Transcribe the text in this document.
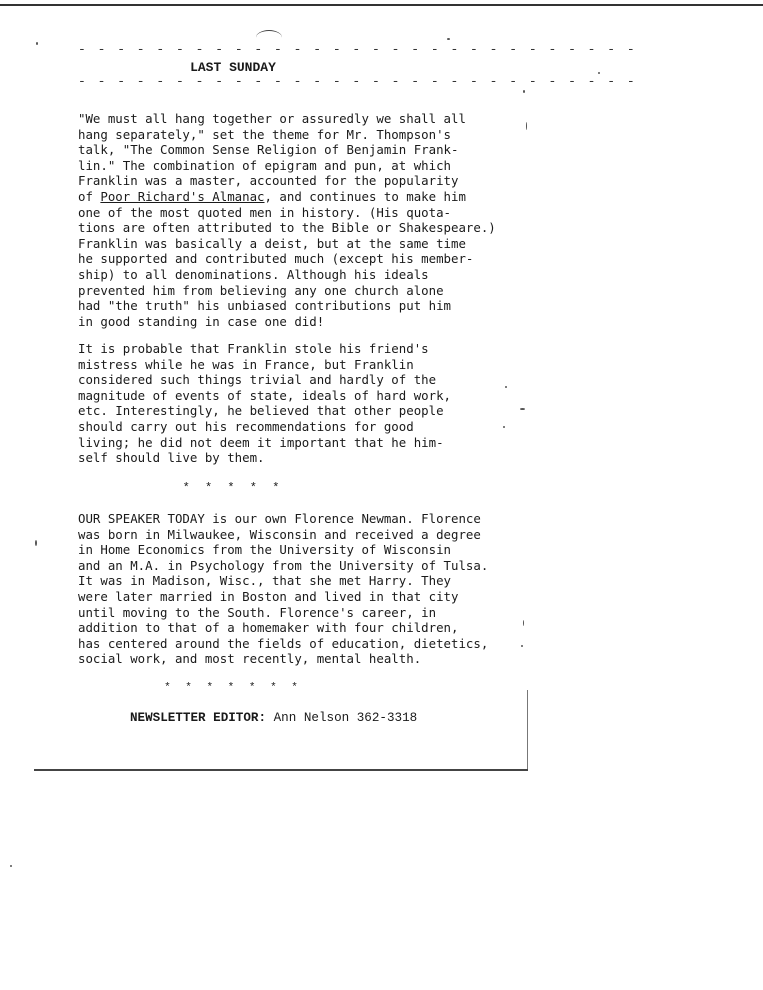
- - - - - - - - - - - - - - - - - - - - - - - - - - - - -
LAST SUNDAY
- - - - - - - - - - - - - - - - - - - - - - - - - - - - -
"We must all hang together or assuredly we shall all
hang separately," set the theme for Mr. Thompson's
talk, "The Common Sense Religion of Benjamin Frank-
lin." The combination of epigram and pun, at which
Franklin was a master, accounted for the popularity
of Poor Richard's Almanac, and continues to make him
one of the most quoted men in history. (His quota-
tions are often attributed to the Bible or Shakespeare.)
Franklin was basically a deist, but at the same time
he supported and contributed much (except his member-
ship) to all denominations. Although his ideals
prevented him from believing any one church alone
had "the truth" his unbiased contributions put him
in good standing in case one did!
It is probable that Franklin stole his friend's
mistress while he was in France, but Franklin
considered such things trivial and hardly of the
magnitude of events of state, ideals of hard work,
etc. Interestingly, he believed that other people
should carry out his recommendations for good
living; he did not deem it important that he him-
self should live by them.
* * * * *
OUR SPEAKER TODAY is our own Florence Newman. Florence
was born in Milwaukee, Wisconsin and received a degree
in Home Economics from the University of Wisconsin
and an M.A. in Psychology from the University of Tulsa.
It was in Madison, Wisc., that she met Harry. They
were later married in Boston and lived in that city
until moving to the South. Florence's career, in
addition to that of a homemaker with four children,
has centered around the fields of education, dietetics,
social work, and most recently, mental health.
* * * * * * *
NEWSLETTER EDITOR: Ann Nelson 362-3318
